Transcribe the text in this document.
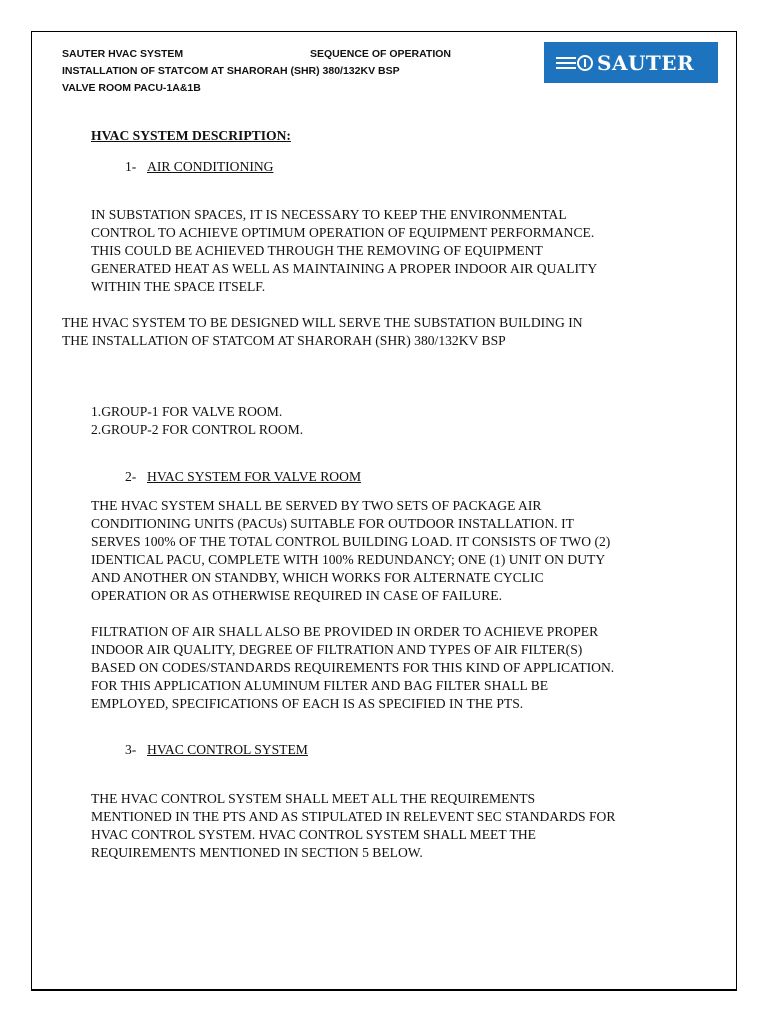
SAUTER HVAC SYSTEM	SEQUENCE OF OPERATION
INSTALLATION OF STATCOM AT SHARORAH (SHR) 380/132KV BSP
VALVE ROOM PACU-1A&1B
SAUTER
HVAC SYSTEM DESCRIPTION:
1- AIR CONDITIONING
IN SUBSTATION SPACES, IT IS NECESSARY TO KEEP THE ENVIRONMENTAL
CONTROL TO ACHIEVE OPTIMUM OPERATION OF EQUIPMENT PERFORMANCE.
THIS COULD BE ACHIEVED THROUGH THE REMOVING OF EQUIPMENT
GENERATED HEAT AS WELL AS MAINTAINING A PROPER INDOOR AIR QUALITY
WITHIN THE SPACE ITSELF.
THE HVAC SYSTEM TO BE DESIGNED WILL SERVE THE SUBSTATION BUILDING IN
THE INSTALLATION OF STATCOM AT SHARORAH (SHR) 380/132KV BSP
1.GROUP-1 FOR VALVE ROOM.
2.GROUP-2 FOR CONTROL ROOM.
2- HVAC SYSTEM FOR VALVE ROOM
THE HVAC SYSTEM SHALL BE SERVED BY TWO SETS OF PACKAGE AIR
CONDITIONING UNITS (PACUs) SUITABLE FOR OUTDOOR INSTALLATION. IT
SERVES 100% OF THE TOTAL CONTROL BUILDING LOAD. IT CONSISTS OF TWO (2)
IDENTICAL PACU, COMPLETE WITH 100% REDUNDANCY; ONE (1) UNIT ON DUTY
AND ANOTHER ON STANDBY, WHICH WORKS FOR ALTERNATE CYCLIC
OPERATION OR AS OTHERWISE REQUIRED IN CASE OF FAILURE.
FILTRATION OF AIR SHALL ALSO BE PROVIDED IN ORDER TO ACHIEVE PROPER
INDOOR AIR QUALITY, DEGREE OF FILTRATION AND TYPES OF AIR FILTER(S)
BASED ON CODES/STANDARDS REQUIREMENTS FOR THIS KIND OF APPLICATION.
FOR THIS APPLICATION ALUMINUM FILTER AND BAG FILTER SHALL BE
EMPLOYED, SPECIFICATIONS OF EACH IS AS SPECIFIED IN THE PTS.
3- HVAC CONTROL SYSTEM
THE HVAC CONTROL SYSTEM SHALL MEET ALL THE REQUIREMENTS
MENTIONED IN THE PTS AND AS STIPULATED IN RELEVENT SEC STANDARDS FOR
HVAC CONTROL SYSTEM. HVAC CONTROL SYSTEM SHALL MEET THE
REQUIREMENTS MENTIONED IN SECTION 5 BELOW.
